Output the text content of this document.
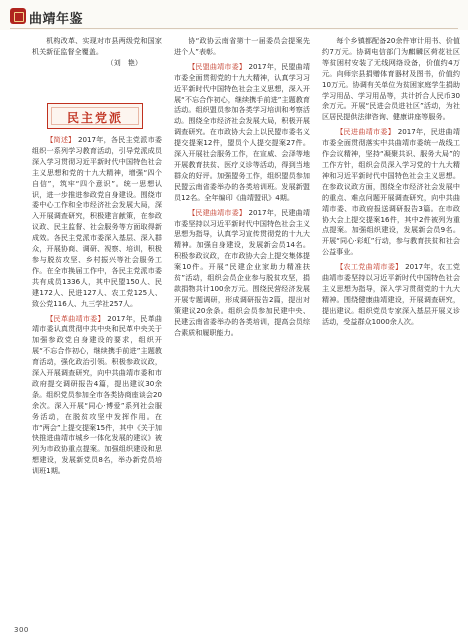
曲靖年鉴

机构改革、实现对市县两级党和国家机关新征监督全覆盖。

（刘　艳）
民主党派

【简述】 2017年，各民主党派市委组织一系列学习教育活动，引导党派成员深入学习贯彻习近平新时代中国特色社会主义思想和党的十九大精神，增强“四个自信”，筑牢“四个意识”。统一思想认识，进一步推进参政党自身建设。围绕市委中心工作和全市经济社会发展大局，深入开展调查研究，积极建言献策，在参政议政、民主监督、社会服务等方面取得新成效。各民主党派市委深入基层、深入群众，开展协商、调研、视察、培训，积极参与脱贫攻坚、乡村振兴等社会服务工作。在全市换届工作中，各民主党派市委共有成员1336人，其中民盟150人、民建172人、民进127人、农工党125人、致公党116人、九三学社257人。

【民革曲靖市委】 2017年，民革曲靖市委认真贯彻中共中央和民革中央关于加强参政党自身建设的要求，组织开展“不忘合作初心，继续携手前进”主题教育活动，强化政治引领。积极参政议政，深入开展调查研究，向中共曲靖市委和市政府提交调研报告4篇，提出建议30余条。组织党员参加全市各类协商座谈会20余次。深入开展“同心·博爱”系列社会服务活动，在脱贫攻坚中发挥作用。在市“两会”上提交提案15件，其中《关于加快推进曲靖市城乡一体化发展的建议》被列为市政协重点提案。加强组织建设和思想建设，发展新党员8名，举办新党员培训班1期。

协“政协云南省第十一届委员会提案先进个人”表彰。

【民盟曲靖市委】 2017年，民盟曲靖市委全面贯彻党的十九大精神，认真学习习近平新时代中国特色社会主义思想，深入开展“不忘合作初心，继续携手前进”主题教育活动。组织盟员参加各类学习培训和考察活动。围绕全市经济社会发展大局，积极开展调查研究。在市政协大会上以民盟市委名义提交提案12件，盟员个人提交提案27件。深入开展社会服务工作，在宣威、会泽等地开展教育扶贫、医疗义诊等活动，得到当地群众的好评。加强盟务工作，组织盟员参加民盟云南省委举办的各类培训班。发展新盟员12名。全年编印《曲靖盟讯》4期。

【民建曲靖市委】 2017年，民建曲靖市委坚持以习近平新时代中国特色社会主义思想为指导，认真学习宣传贯彻党的十九大精神。加强自身建设，发展新会员14名。积极参政议政，在市政协大会上提交集体提案10件。开展“民建企业家助力精准扶贫”活动，组织会员企业参与脱贫攻坚，捐款捐物共计100余万元。围绕民营经济发展开展专题调研，形成调研报告2篇，提出对策建议20余条。组织会员参加民建中央、民建云南省委举办的各类培训，提高会员综合素质和履职能力。

每个乡镇都配备20余件审计用书、价值约7万元。协调电信部门为麒麟区荷花社区等贫困村安装了无线网络设备，价值约4万元。向师宗县捐赠体育器材及图书，价值约10万元。协调有关单位为贫困家庭学生捐助学习用品、学习用品等，共计折合人民币30余万元。开展“民进会员进社区”活动，为社区居民提供法律咨询、健康讲座等服务。

【民进曲靖市委】 2017年，民进曲靖市委全面贯彻落实中共曲靖市委统一战线工作会议精神，坚持“凝聚共识、服务大局”的工作方针，组织会员深入学习党的十九大精神和习近平新时代中国特色社会主义思想。在参政议政方面，围绕全市经济社会发展中的重点、难点问题开展调查研究，向中共曲靖市委、市政府报送调研报告3篇。在市政协大会上提交提案16件，其中2件被列为重点提案。加强组织建设，发展新会员9名。开展“同心·彩虹”行动，参与教育扶贫和社会公益事业。

【农工党曲靖市委】 2017年，农工党曲靖市委坚持以习近平新时代中国特色社会主义思想为指导，深入学习贯彻党的十九大精神。围绕健康曲靖建设，开展调查研究，提出建议。组织党员专家深入基层开展义诊活动，受益群众1000余人次。

300
